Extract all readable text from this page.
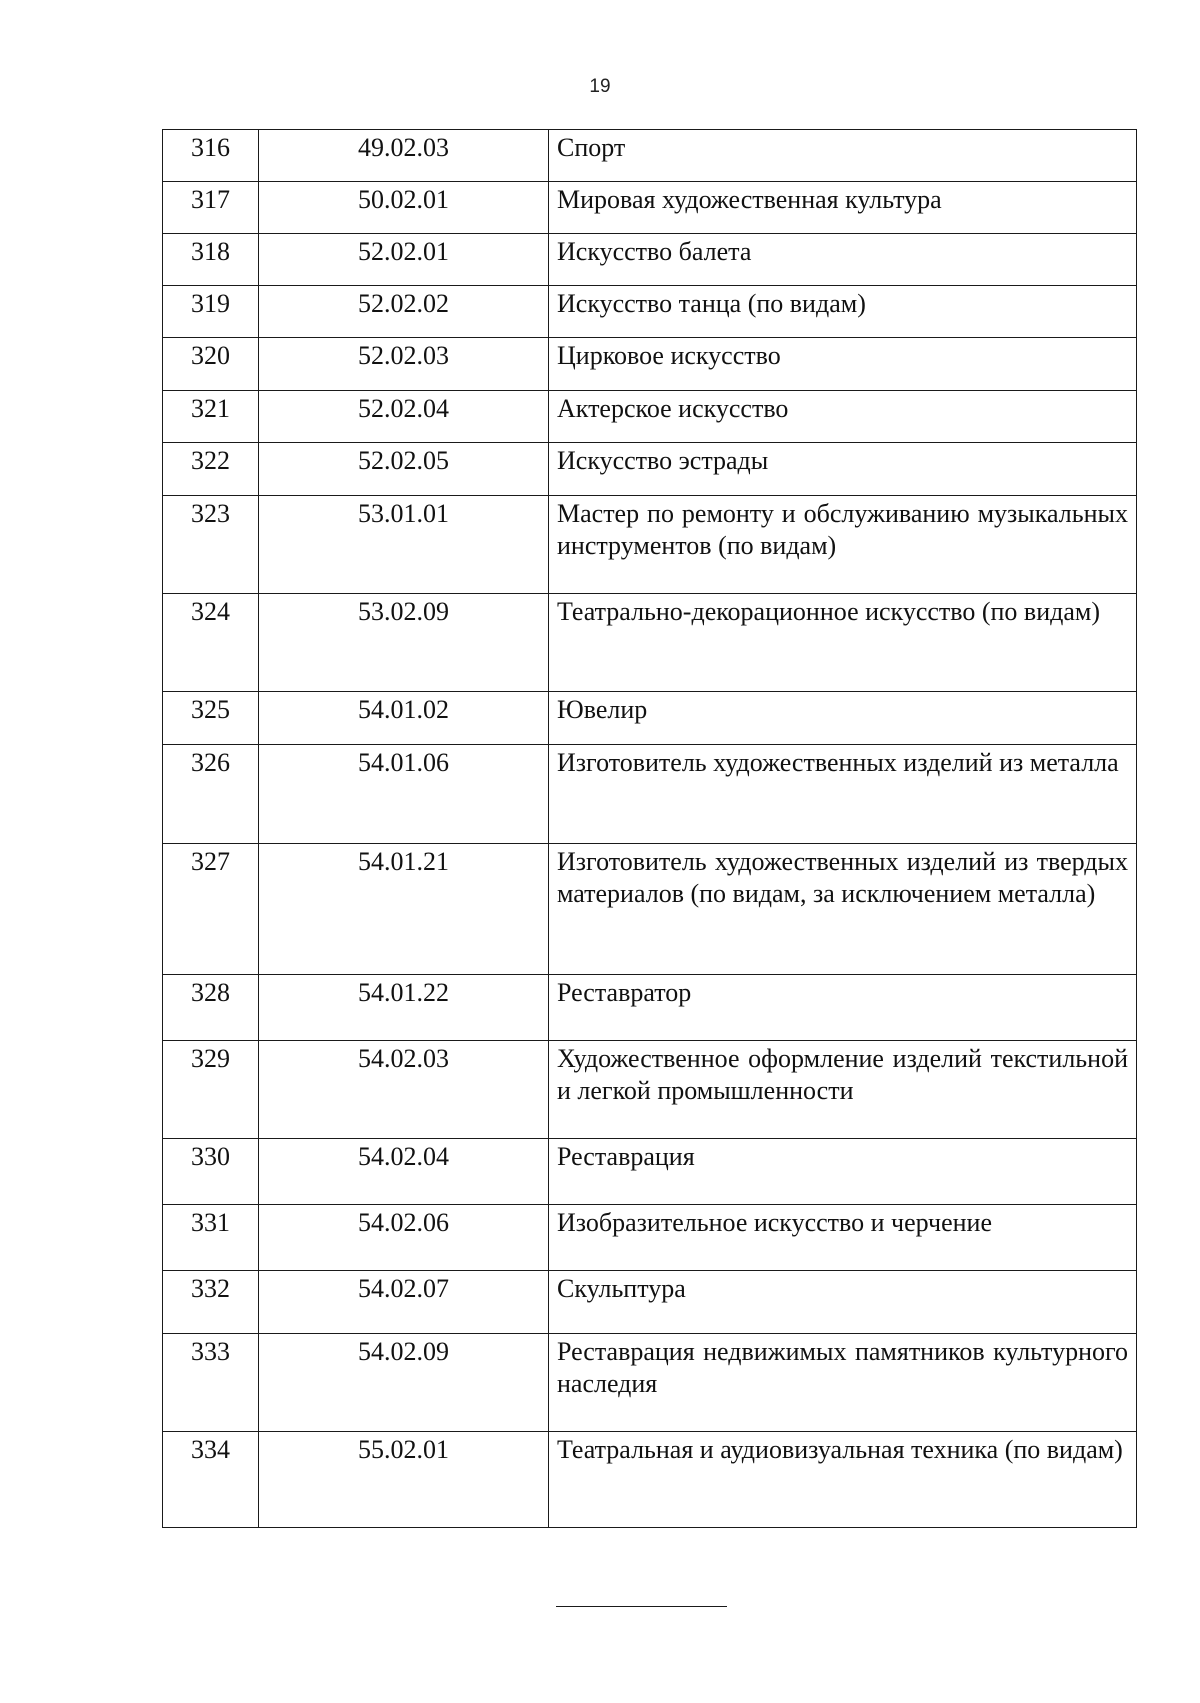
19
316	49.02.03	Спорт
317	50.02.01	Мировая художественная культура
318	52.02.01	Искусство балета
319	52.02.02	Искусство танца (по видам)
320	52.02.03	Цирковое искусство
321	52.02.04	Актерское искусство
322	52.02.05	Искусство эстрады
323	53.01.01	Мастер по ремонту и обслуживанию музыкальных инструментов (по видам)
324	53.02.09	Театрально-декорационное искусство (по видам)
325	54.01.02	Ювелир
326	54.01.06	Изготовитель художественных изделий из металла
327	54.01.21	Изготовитель художественных изделий из твердых материалов (по видам, за исключением металла)
328	54.01.22	Реставратор
329	54.02.03	Художественное оформление изделий текстильной и легкой промышленности
330	54.02.04	Реставрация
331	54.02.06	Изобразительное искусство и черчение
332	54.02.07	Скульптура
333	54.02.09	Реставрация недвижимых памятников культурного наследия
334	55.02.01	Театральная и аудиовизуальная техника (по видам)
